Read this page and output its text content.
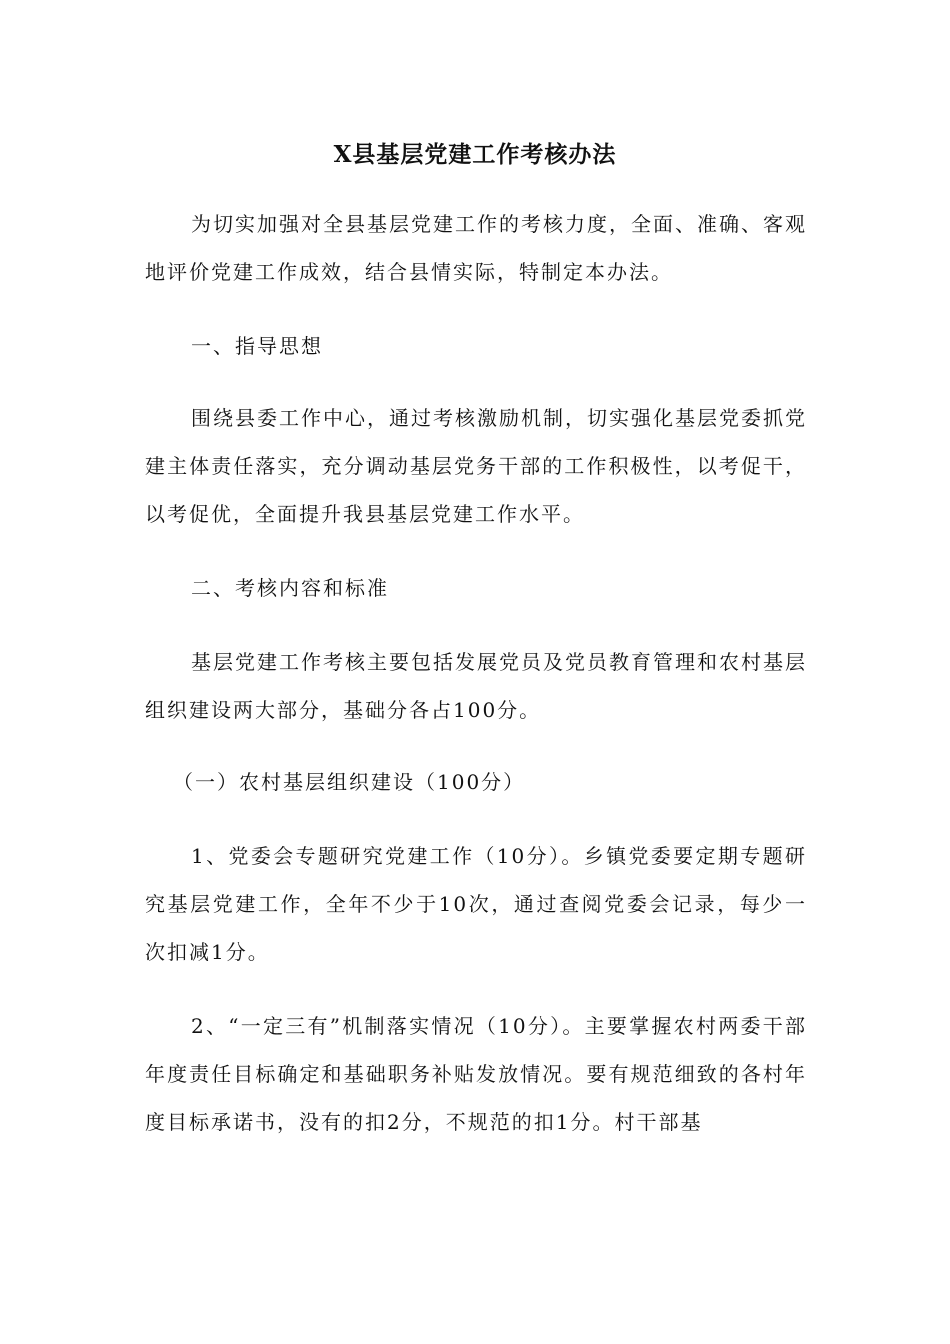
X县基层党建工作考核办法

为切实加强对全县基层党建工作的考核力度，全面、准确、客观地评价党建工作成效，结合县情实际，特制定本办法。

一、指导思想

围绕县委工作中心，通过考核激励机制，切实强化基层党委抓党建主体责任落实，充分调动基层党务干部的工作积极性，以考促干，以考促优，全面提升我县基层党建工作水平。

二、考核内容和标准

基层党建工作考核主要包括发展党员及党员教育管理和农村基层组织建设两大部分，基础分各占100分。

（一）农村基层组织建设（100分）

1、党委会专题研究党建工作（10分）。乡镇党委要定期专题研究基层党建工作，全年不少于10次，通过查阅党委会记录，每少一次扣减1分。

2、“一定三有”机制落实情况（10分）。主要掌握农村两委干部年度责任目标确定和基础职务补贴发放情况。要有规范细致的各村年度目标承诺书，没有的扣2分，不规范的扣1分。村干部基
